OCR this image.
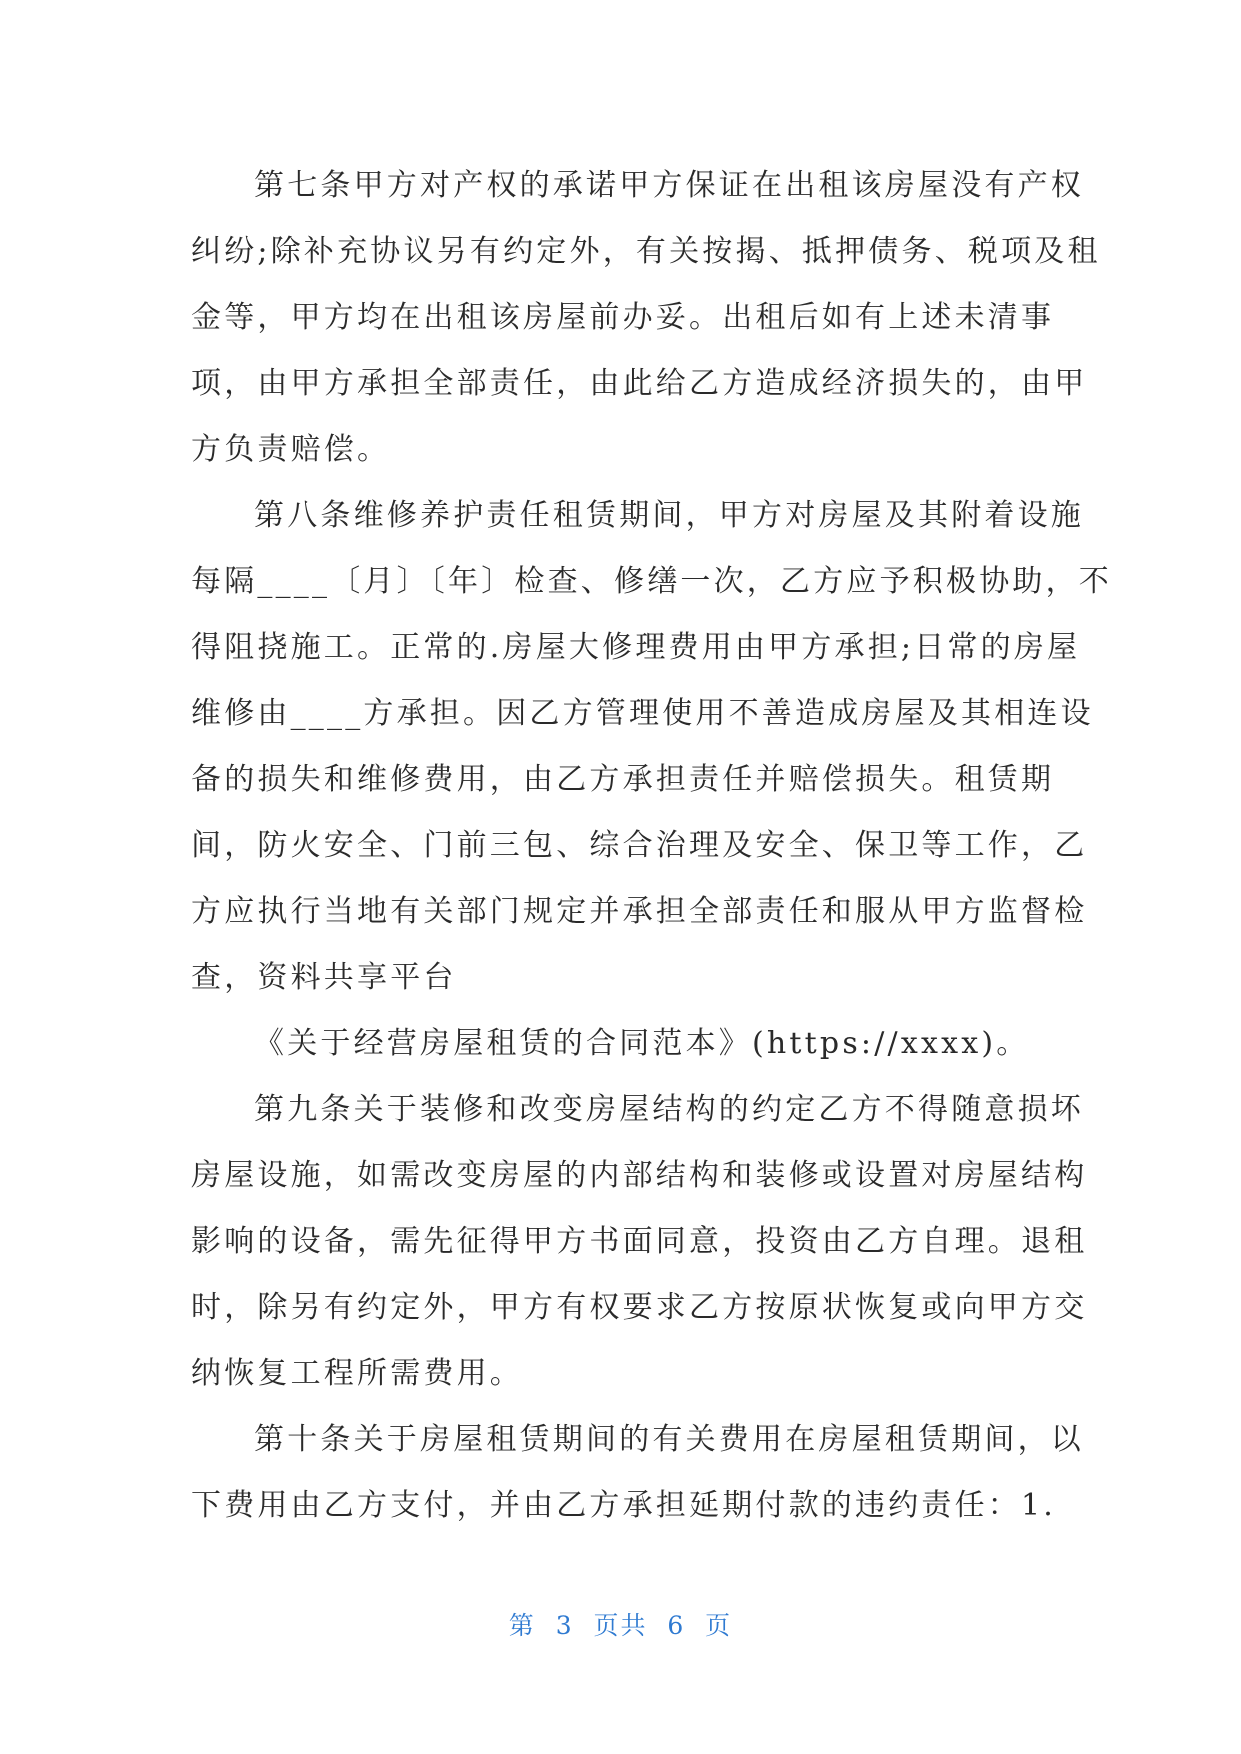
第七条甲方对产权的承诺甲方保证在出租该房屋没有产权
纠纷;除补充协议另有约定外，有关按揭、抵押债务、税项及租
金等，甲方均在出租该房屋前办妥。出租后如有上述未清事
项，由甲方承担全部责任，由此给乙方造成经济损失的，由甲
方负责赔偿。
第八条维修养护责任租赁期间，甲方对房屋及其附着设施
每隔____〔月〕〔年〕检查、修缮一次，乙方应予积极协助，不
得阻挠施工。正常的.房屋大修理费用由甲方承担;日常的房屋
维修由____方承担。因乙方管理使用不善造成房屋及其相连设
备的损失和维修费用，由乙方承担责任并赔偿损失。租赁期
间，防火安全、门前三包、综合治理及安全、保卫等工作，乙
方应执行当地有关部门规定并承担全部责任和服从甲方监督检
查，资料共享平台
《关于经营房屋租赁的合同范本》(https://xxxx)。
第九条关于装修和改变房屋结构的约定乙方不得随意损坏
房屋设施，如需改变房屋的内部结构和装修或设置对房屋结构
影响的设备，需先征得甲方书面同意，投资由乙方自理。退租
时，除另有约定外，甲方有权要求乙方按原状恢复或向甲方交
纳恢复工程所需费用。
第十条关于房屋租赁期间的有关费用在房屋租赁期间，以
下费用由乙方支付，并由乙方承担延期付款的违约责任：1.
第  3  页共  6  页
